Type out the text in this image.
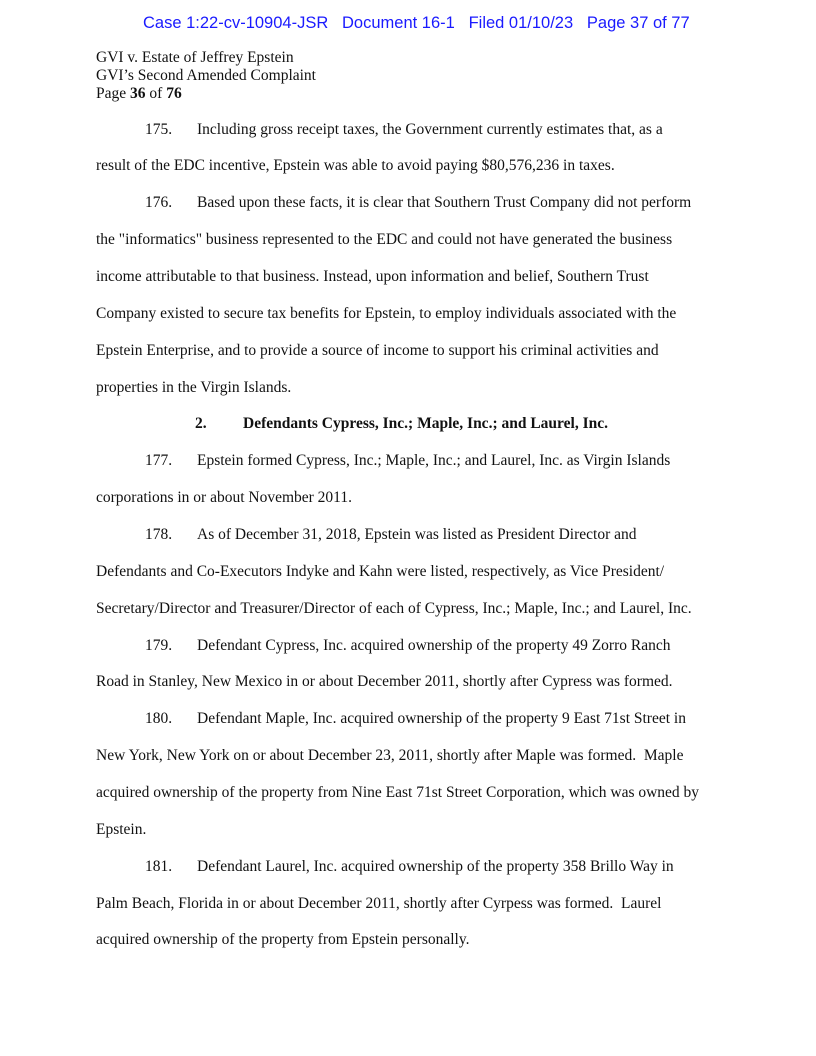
Case 1:22-cv-10904-JSR   Document 16-1   Filed 01/10/23   Page 37 of 77
GVI v. Estate of Jeffrey Epstein
GVI’s Second Amended Complaint
Page 36 of 76
175. Including gross receipt taxes, the Government currently estimates that, as a
result of the EDC incentive, Epstein was able to avoid paying $80,576,236 in taxes.
176. Based upon these facts, it is clear that Southern Trust Company did not perform
the "informatics" business represented to the EDC and could not have generated the business
income attributable to that business. Instead, upon information and belief, Southern Trust
Company existed to secure tax benefits for Epstein, to employ individuals associated with the
Epstein Enterprise, and to provide a source of income to support his criminal activities and
properties in the Virgin Islands.
2. Defendants Cypress, Inc.; Maple, Inc.; and Laurel, Inc.
177. Epstein formed Cypress, Inc.; Maple, Inc.; and Laurel, Inc. as Virgin Islands
corporations in or about November 2011.
178. As of December 31, 2018, Epstein was listed as President Director and
Defendants and Co-Executors Indyke and Kahn were listed, respectively, as Vice President/
Secretary/Director and Treasurer/Director of each of Cypress, Inc.; Maple, Inc.; and Laurel, Inc.
179. Defendant Cypress, Inc. acquired ownership of the property 49 Zorro Ranch
Road in Stanley, New Mexico in or about December 2011, shortly after Cypress was formed.
180. Defendant Maple, Inc. acquired ownership of the property 9 East 71st Street in
New York, New York on or about December 23, 2011, shortly after Maple was formed.  Maple
acquired ownership of the property from Nine East 71st Street Corporation, which was owned by
Epstein.
181. Defendant Laurel, Inc. acquired ownership of the property 358 Brillo Way in
Palm Beach, Florida in or about December 2011, shortly after Cyrpess was formed.  Laurel
acquired ownership of the property from Epstein personally.
